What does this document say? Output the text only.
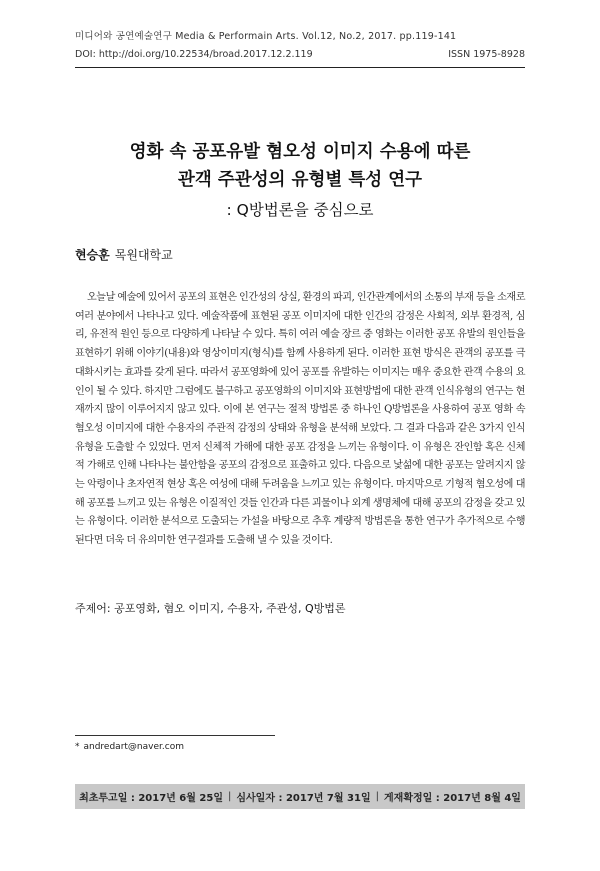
미디어와 공연예술연구 Media & Performain Arts. Vol.12, No.2, 2017. pp.119-141
DOI: http://doi.org/10.22534/broad.2017.12.2.119	ISSN 1975-8928
영화 속 공포유발 혐오성 이미지 수용에 따른
관객 주관성의 유형별 특성 연구
: Q방법론을 중심으로
현승훈 목원대학교

오늘날 예술에 있어서 공포의 표현은 인간성의 상실, 환경의 파괴, 인간관계에서의 소통의 부재 등을 소재로 여러 분야에서 나타나고 있다. 예술작품에 표현된 공포 이미지에 대한 인간의 감정은 사회적, 외부 환경적, 심리, 유전적 원인 등으로 다양하게 나타날 수 있다. 특히 여러 예술 장르 중 영화는 이러한 공포 유발의 원인들을 표현하기 위해 이야기(내용)와 영상이미지(형식)를 함께 사용하게 된다. 이러한 표현 방식은 관객의 공포를 극대화시키는 효과를 갖게 된다. 따라서 공포영화에 있어 공포를 유발하는 이미지는 매우 중요한 관객 수용의 요인이 될 수 있다. 하지만 그럼에도 불구하고 공포영화의 이미지와 표현방법에 대한 관객 인식유형의 연구는 현재까지 많이 이루어지지 않고 있다. 이에 본 연구는 절적 방법론 중 하나인 Q방법론을 사용하여 공포 영화 속 혐오성 이미지에 대한 수용자의 주관적 감정의 상태와 유형을 분석해 보았다. 그 결과 다음과 같은 3가지 인식 유형을 도출할 수 있었다. 먼저 신체적 가해에 대한 공포 감정을 느끼는 유형이다. 이 유형은 잔인함 혹은 신체적 가해로 인해 나타나는 불안함을 공포의 감정으로 표출하고 있다. 다음으로 낯섦에 대한 공포는 알려지지 않는 악령이나 초자연적 현상 혹은 여성에 대해 두려움을 느끼고 있는 유형이다. 마지막으로 기형적 혐오성에 대해 공포를 느끼고 있는 유형은 이질적인 것들 인간과 다른 괴물이나 외계 생명체에 대해 공포의 감정을 갖고 있는 유형이다. 이러한 분석으로 도출되는 가설을 바탕으로 추후 계량적 방법론을 통한 연구가 추가적으로 수행된다면 더욱 더 유의미한 연구결과를 도출해 낼 수 있을 것이다.

주제어: 공포영화, 혐오 이미지, 수용자, 주관성, Q방법론
* andredart@naver.com
최초투고일 : 2017년 6월 25일 | 심사일자 : 2017년 7월 31일 | 게재확정일 : 2017년 8월 4일
